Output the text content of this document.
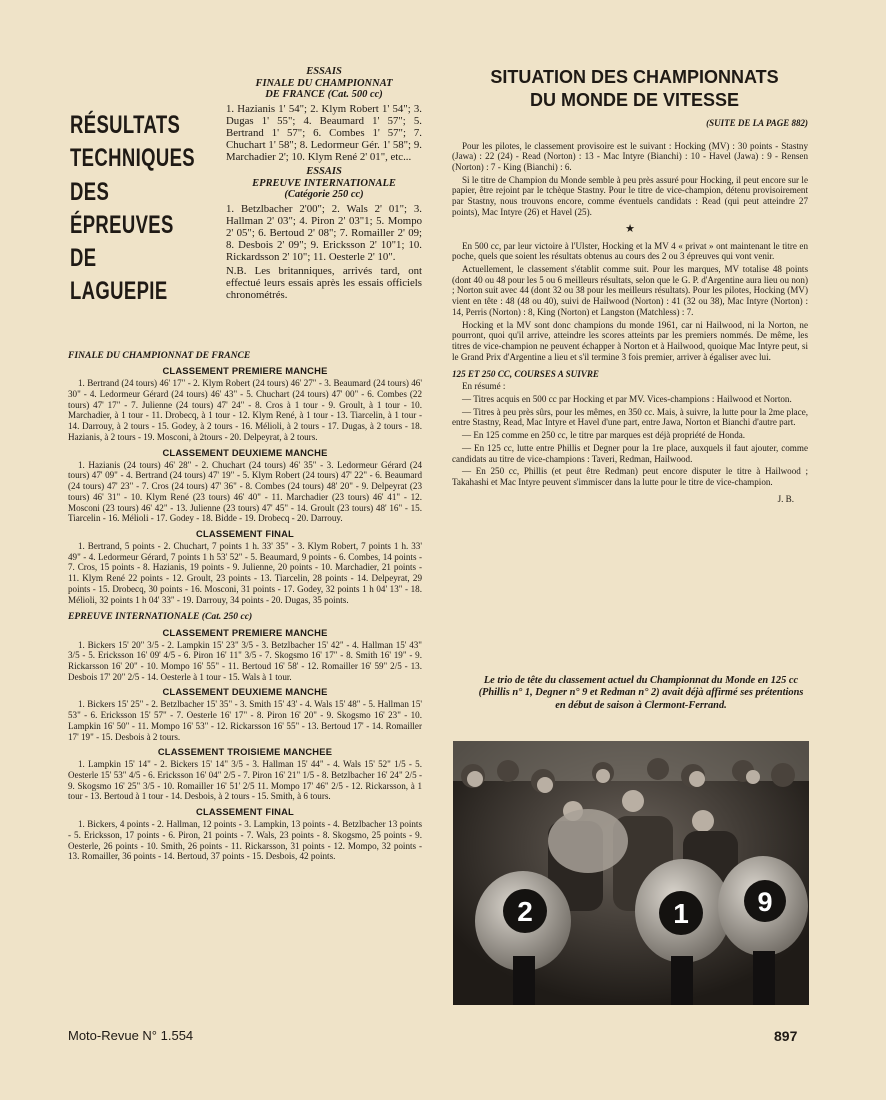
RÉSULTATS
TECHNIQUES
DES
ÉPREUVES
DE
LAGUEPIE
ESSAIS
FINALE DU CHAMPIONNAT
DE FRANCE (Cat. 500 cc)

1. Hazianis 1' 54"; 2. Klym Robert 1' 54"; 3. Dugas 1' 55"; 4. Beaumard 1' 57"; 5. Bertrand 1' 57"; 6. Combes 1' 57"; 7. Chuchart 1' 58"; 8. Ledormeur Gér. 1' 58"; 9. Marchadier 2'; 10. Klym René 2' 01", etc...

ESSAIS
EPREUVE INTERNATIONALE
(Catégorie 250 cc)

1. Betzlbacher 2'00"; 2. Wals 2' 01"; 3. Hallman 2' 03"; 4. Piron 2' 03"1; 5. Mompo 2' 05"; 6. Bertoud 2' 08"; 7. Romailler 2' 09; 8. Desbois 2' 09"; 9. Ericksson 2' 10"1; 10. Rickardsson 2' 10"; 11. Oesterle 2' 10".

N.B. Les britanniques, arrivés tard, ont effectué leurs essais après les essais officiels chronométrés.

FINALE DU CHAMPIONNAT DE FRANCE

CLASSEMENT PREMIERE MANCHE

1. Bertrand (24 tours) 46' 17" - 2. Klym Robert (24 tours) 46' 27" - 3. Beaumard (24 tours) 46' 30" - 4. Ledormeur Gérard (24 tours) 46' 43" - 5. Chuchart (24 tours) 47' 00" - 6. Combes (22 tours) 47' 17" - 7. Julienne (24 tours) 47' 24" - 8. Cros à 1 tour - 9. Groult, à 1 tour - 10. Marchadier, à 1 tour - 11. Drobecq, à 1 tour - 12. Klym René, à 1 tour - 13. Tiarcelin, à 1 tour - 14. Darrouy, à 2 tours - 15. Godey, à 2 tours - 16. Mélioli, à 2 tours - 17. Dugas, à 2 tours - 18. Hazianis, à 2 tours - 19. Mosconi, à 2tours - 20. Delpeyrat, à 2 tours.

CLASSEMENT DEUXIEME MANCHE

1. Hazianis (24 tours) 46' 28" - 2. Chuchart (24 tours) 46' 35" - 3. Ledormeur Gérard (24 tours) 47' 09" - 4. Bertrand (24 tours) 47' 19" - 5. Klym Robert (24 tours) 47' 22" - 6. Beaumard (24 tours) 47' 23" - 7. Cros (24 tours) 47' 36" - 8. Combes (24 tours) 48' 20" - 9. Delpeyrat (23 tours) 46' 31" - 10. Klym René (23 tours) 46' 40" - 11. Marchadier (23 tours) 46' 41" - 12. Mosconi (23 tours) 46' 42" - 13. Julienne (23 tours) 47' 45" - 14. Groult (23 tours) 48' 16" - 15. Tiarcelin - 16. Mélioli - 17. Godey - 18. Bidde - 19. Drobecq - 20. Darrouy.

CLASSEMENT FINAL

1. Bertrand, 5 points - 2. Chuchart, 7 points 1 h. 33' 35" - 3. Klym Robert, 7 points 1 h. 33' 49" - 4. Ledormeur Gérard, 7 points 1 h 53' 52" - 5. Beaumard, 9 points - 6. Combes, 14 points - 7. Cros, 15 points - 8. Hazianis, 19 points - 9. Julienne, 20 points - 10. Marchadier, 21 points - 11. Klym René 22 points - 12. Groult, 23 points - 13. Tiarcelin, 28 points - 14. Delpeyrat, 29 points - 15. Drobecq, 30 points - 16. Mosconi, 31 points - 17. Godey, 32 points 1 h 04' 13" - 18. Mélioli, 32 points 1 h 04' 33" - 19. Darrouy, 34 points - 20. Dugas, 35 points.

EPREUVE INTERNATIONALE (Cat. 250 cc)

CLASSEMENT PREMIERE MANCHE

1. Bickers 15' 20" 3/5 - 2. Lampkin 15' 23" 3/5 - 3. Betzlbacher 15' 42" - 4. Hallman 15' 43" 3/5 - 5. Ericksson 16' 09' 4/5 - 6. Piron 16' 11" 3/5 - 7. Skogsmo 16' 17" - 8. Smith 16' 19" - 9. Rickarsson 16' 20" - 10. Mompo 16' 55" - 11. Bertoud 16' 58' - 12. Romailler 16' 59" 2/5 - 13. Desbois 17' 20" 2/5 - 14. Oesterle à 1 tour - 15. Wals à 1 tour.

CLASSEMENT DEUXIEME MANCHE

1. Bickers 15' 25" - 2. Betzlbacher 15' 35" - 3. Smith 15' 43' - 4. Wals 15' 48" - 5. Hallman 15' 53" - 6. Ericksson 15' 57" - 7. Oesterle 16' 17" - 8. Piron 16' 20" - 9. Skogsmo 16' 23" - 10. Lampkin 16' 50" - 11. Mompo 16' 53" - 12. Rickarsson 16' 55" - 13. Bertoud 17' - 14. Romailler 17' 19" - 15. Desbois à 2 tours.

CLASSEMENT TROISIEME MANCHEE

1. Lampkin 15' 14" - 2. Bickers 15' 14" 3/5 - 3. Hallman 15' 44" - 4. Wals 15' 52" 1/5 - 5. Oesterle 15' 53" 4/5 - 6. Ericksson 16' 04" 2/5 - 7. Piron 16' 21" 1/5 - 8. Betzlbacher 16' 24" 2/5 - 9. Skogsmo 16' 25" 3/5 - 10. Romailler 16' 51' 2/5 11. Mompo 17' 46" 2/5 - 12. Rickarsson, à 1 tour - 13. Bertoud à 1 tour - 14. Desbois, à 2 tours - 15. Smith, à 6 tours.

CLASSEMENT FINAL

1. Bickers, 4 points - 2. Hallman, 12 points - 3. Lampkin, 13 points - 4. Betzlbacher 13 points - 5. Ericksson, 17 points - 6. Piron, 21 points - 7. Wals, 23 points - 8. Skogsmo, 25 points - 9. Oesterle, 26 points - 10. Smith, 26 points - 11. Rickarsson, 31 points - 12. Mompo, 32 points - 13. Romailler, 36 points - 14. Bertoud, 37 points - 15. Desbois, 42 points.

SITUATION DES CHAMPIONNATS
DU MONDE DE VITESSE

(SUITE DE LA PAGE 882)

Pour les pilotes, le classement provisoire est le suivant : Hocking (MV) : 30 points - Stastny (Jawa) : 22 (24) - Read (Norton) : 13 - Mac Intyre (Bianchi) : 10 - Havel (Jawa) : 9 - Rensen (Norton) : 7 - King (Bianchi) : 6.

Si le titre de Champion du Monde semble à peu près assuré pour Hocking, il peut encore sur le papier, être rejoint par le tchèque Stastny. Pour le titre de vice-champion, détenu provisoirement par Stastny, nous trouvons encore, comme éventuels candidats : Read (qui peut atteindre 27 points), Mac Intyre (26) et Havel (25).

★

En 500 cc, par leur victoire à l'Ulster, Hocking et la MV 4 « privat » ont maintenant le titre en poche, quels que soient les résultats obtenus au cours des 2 ou 3 épreuves qui vont venir.

Actuellement, le classement s'établit comme suit. Pour les marques, MV totalise 48 points (dont 40 ou 48 pour les 5 ou 6 meilleurs résultats, selon que le G. P. d'Argentine aura lieu ou non) ; Norton suit avec 44 (dont 32 ou 38 pour les meilleurs résultats). Pour les pilotes, Hocking (MV) vient en tête : 48 (48 ou 40), suivi de Hailwood (Norton) : 41 (32 ou 38), Mac Intyre (Norton) : 14, Perris (Norton) : 8, King (Norton) et Langston (Matchless) : 7.

Hocking et la MV sont donc champions du monde 1961, car ni Hailwood, ni la Norton, ne pourront, quoi qu'il arrive, atteindre les scores atteints par les premiers nommés. De même, les titres de vice-champion ne peuvent échapper à Norton et à Hailwood, quoique Mac Intyre peut, si le Grand Prix d'Argentine a lieu et s'il termine 3 fois premier, arriver à égaliser avec lui.

125 ET 250 CC, COURSES A SUIVRE

En résumé :

— Titres acquis en 500 cc par Hocking et par MV. Vices-champions : Hailwood et Norton.

— Titres à peu près sûrs, pour les mêmes, en 350 cc. Mais, à suivre, la lutte pour la 2me place, entre Stastny, Read, Mac Intyre et Havel d'une part, entre Jawa, Norton et Bianchi d'autre part.

— En 125 comme en 250 cc, le titre par marques est déjà propriété de Honda.

— En 125 cc, lutte entre Phillis et Degner pour la 1re place, auxquels il faut ajouter, comme candidats au titre de vice-champions : Taveri, Redman, Hailwood.

— En 250 cc, Phillis (et peut être Redman) peut encore disputer le titre à Hailwood ; Takahashi et Mac Intyre peuvent s'immiscer dans la lutte pour le titre de vice-champion.

J. B.

Le trio de tête du classement actuel du Championnat du Monde en 125 cc (Phillis n° 1, Degner n° 9 et Redman n° 2) avait déjà affirmé ses prétentions en début de saison à Clermont-Ferrand.
2	1	9
Moto-Revue N° 1.554	897
